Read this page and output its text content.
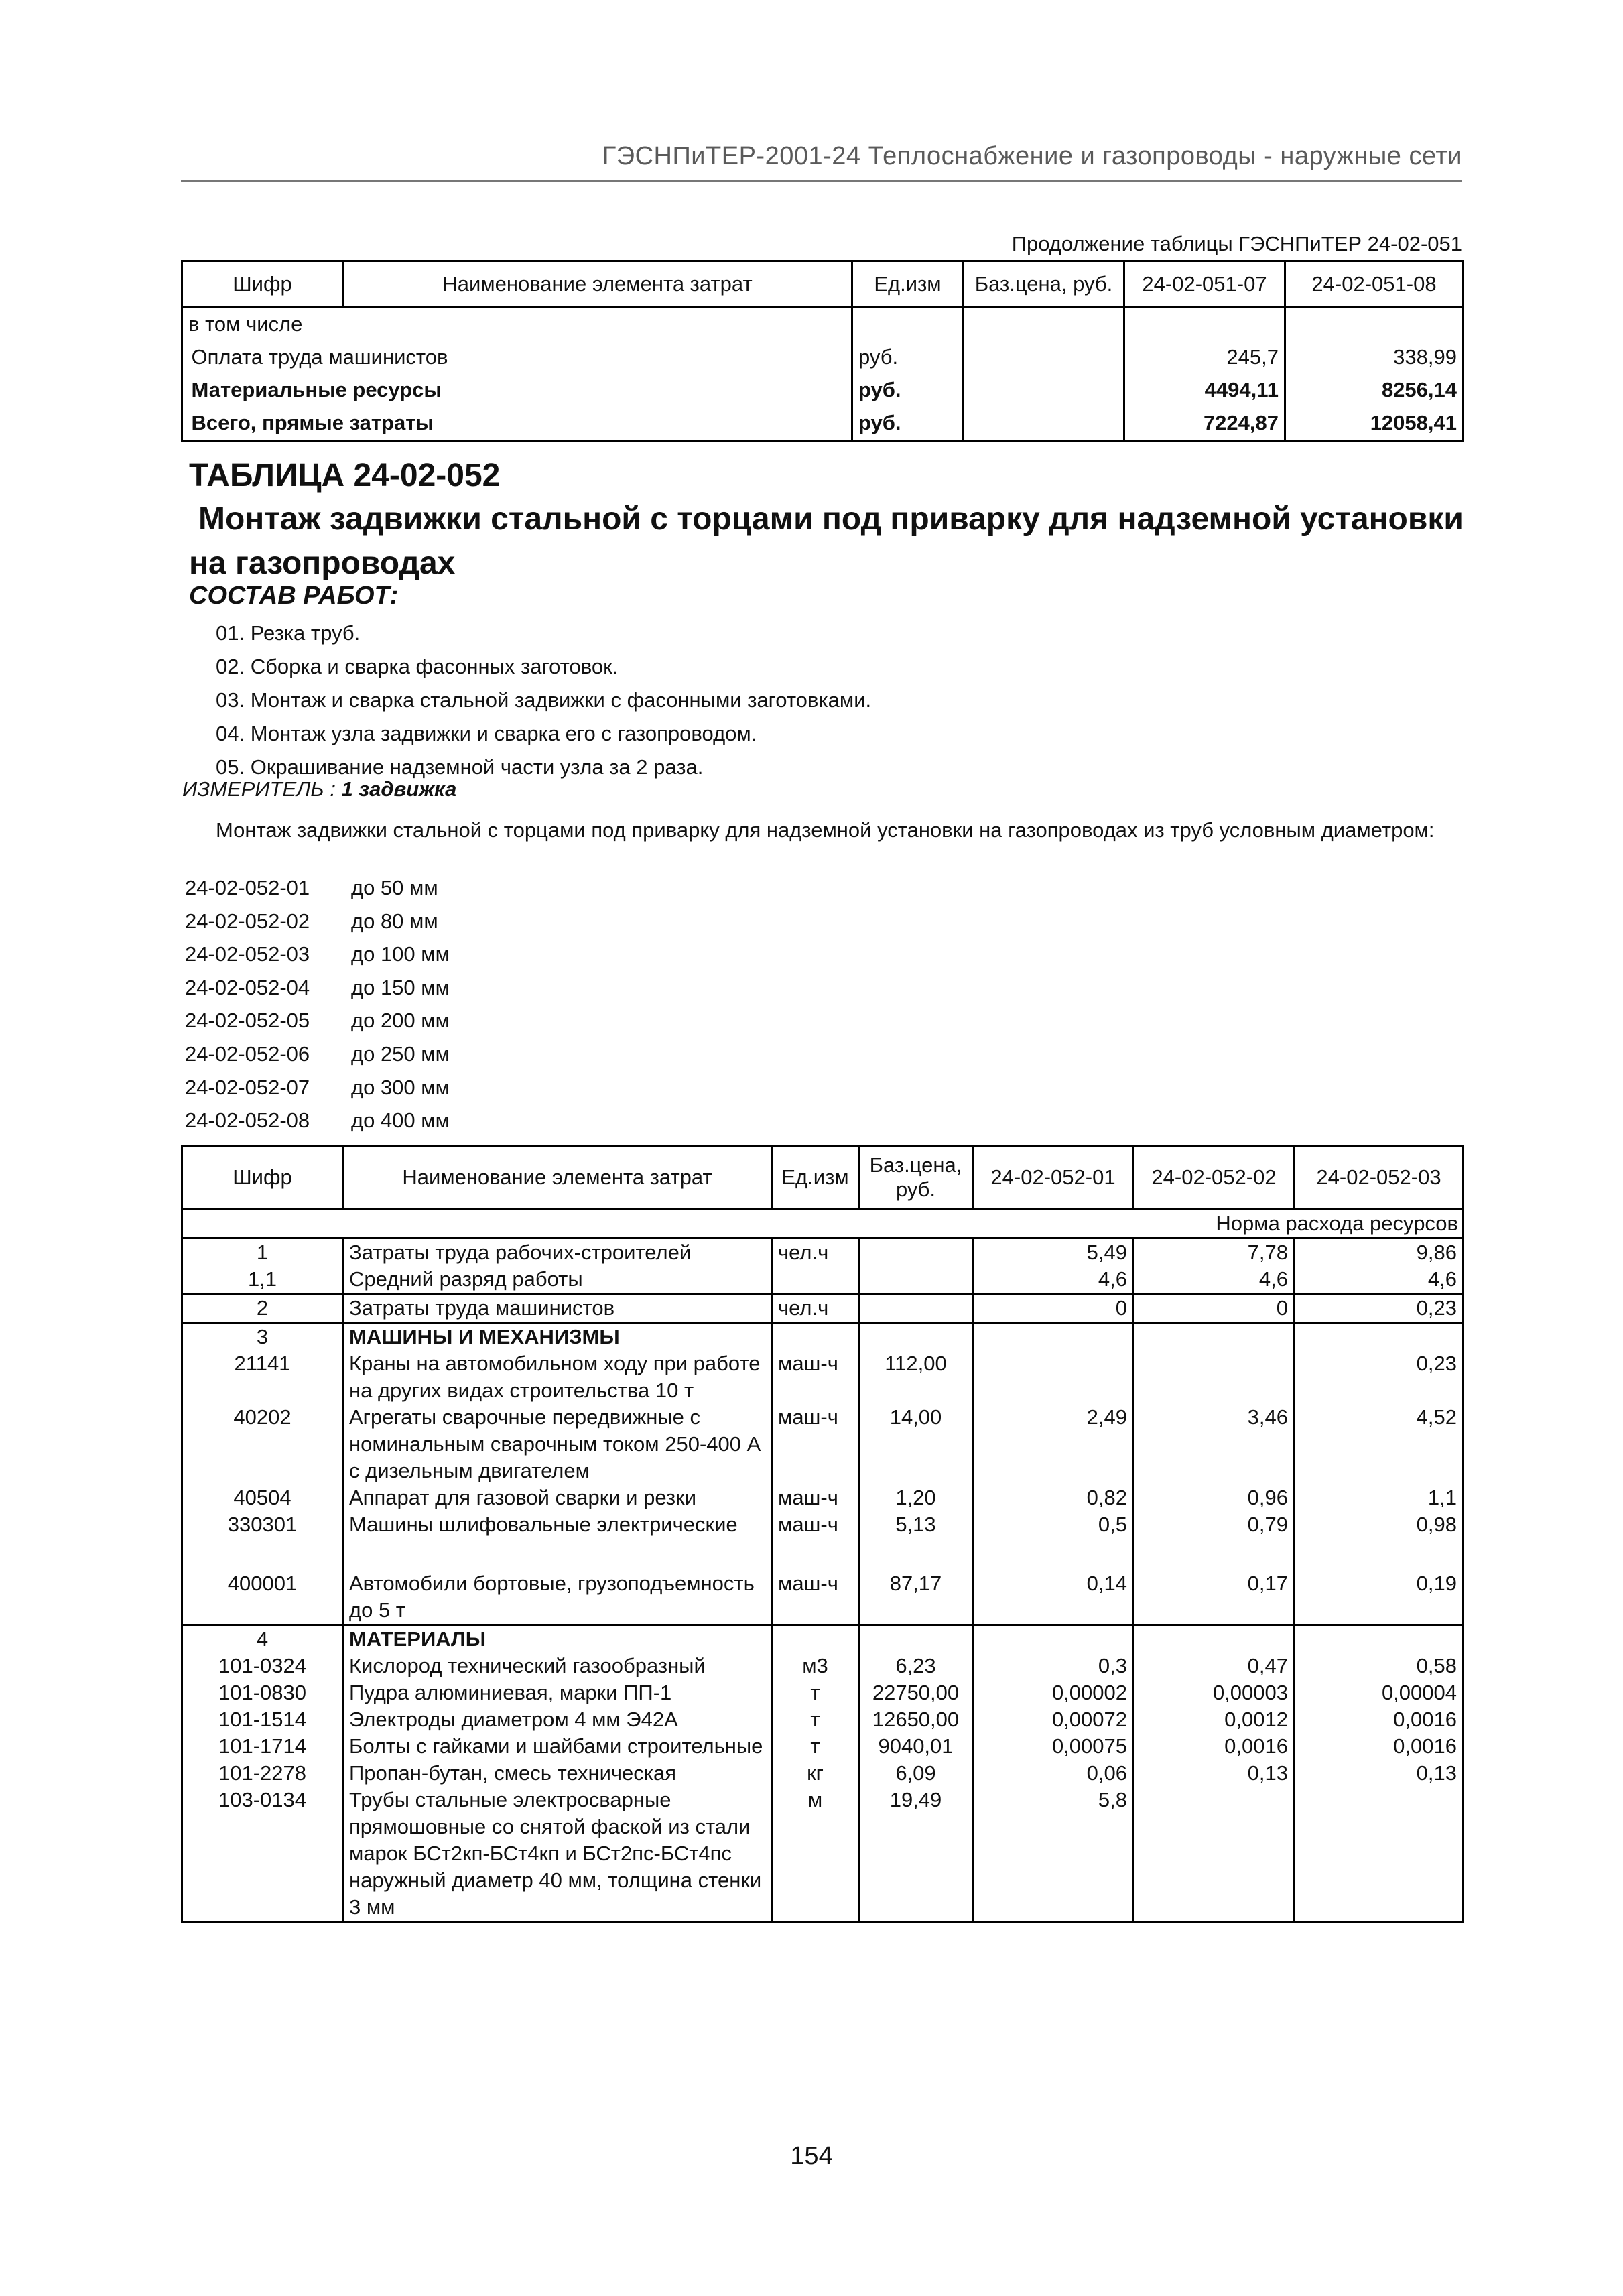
ГЭСНПиТЕР-2001-24 Теплоснабжение и газопроводы - наружные сети
Продолжение таблицы ГЭСНПиТЕР 24-02-051
Шифр	Наименование элемента затрат	Ед.изм	Баз.цена, руб.	24-02-051-07	24-02-051-08
в том числе					

	Оплата труда машинистов	руб.		245,7	338,99

	Материальные ресурсы	руб.		4494,11	8256,14

	Всего, прямые затраты	руб.		7224,87	12058,41
ТАБЛИЦА 24-02-052
Монтаж задвижки стальной с торцами под приварку для надземной установки на газопроводах
СОСТАВ РАБОТ:
01. Резка труб.
02. Сборка и сварка фасонных заготовок.
03. Монтаж и сварка стальной задвижки с фасонными заготовками.
04. Монтаж узла задвижки и сварка его с газопроводом.
05. Окрашивание надземной части узла за 2 раза.
ИЗМЕРИТЕЛЬ : 1 задвижка
Монтаж задвижки стальной с торцами под приварку для надземной установки на газопроводах из труб условным диаметром:
24-02-052-01	до 50 мм
24-02-052-02	до 80 мм
24-02-052-03	до 100 мм
24-02-052-04	до 150 мм
24-02-052-05	до 200 мм
24-02-052-06	до 250 мм
24-02-052-07	до 300 мм
24-02-052-08	до 400 мм
Шифр	Наименование элемента затрат	Ед.изм	Баз.цена, руб.	24-02-052-01	24-02-052-02	24-02-052-03
Норма расхода ресурсов						
1	Затраты труда рабочих-строителей	чел.ч		5,49	7,78	9,86
1,1	Средний разряд работы			4,6	4,6	4,6
2	Затраты труда машинистов	чел.ч		0	0	0,23
3	МАШИНЫ И МЕХАНИЗМЫ					
21141	Краны на автомобильном ходу при работе на других видах строительства 10 т	маш-ч	112,00			0,23
40202	Агрегаты сварочные передвижные с номинальным сварочным током 250-400 А с дизельным двигателем	маш-ч	14,00	2,49	3,46	4,52
40504	Аппарат для газовой сварки и резки	маш-ч	1,20	0,82	0,96	1,1
330301	Машины шлифовальные электрические	маш-ч	5,13	0,5	0,79	0,98
400001	Автомобили бортовые, грузоподъемность до 5 т	маш-ч	87,17	0,14	0,17	0,19
4	МАТЕРИАЛЫ					
101-0324	Кислород технический газообразный	м3	6,23	0,3	0,47	0,58
101-0830	Пудра алюминиевая, марки ПП-1	т	22750,00	0,00002	0,00003	0,00004
101-1514	Электроды диаметром 4 мм Э42А	т	12650,00	0,00072	0,0012	0,0016
101-1714	Болты с гайками и шайбами строительные	т	9040,01	0,00075	0,0016	0,0016
101-2278	Пропан-бутан, смесь техническая	кг	6,09	0,06	0,13	0,13
103-0134	Трубы стальные электросварные прямошовные со снятой фаской из стали марок БСт2кп-БСт4кп и БСт2пс-БСт4пс наружный диаметр 40 мм, толщина стенки 3 мм	м	19,49	5,8		
154
